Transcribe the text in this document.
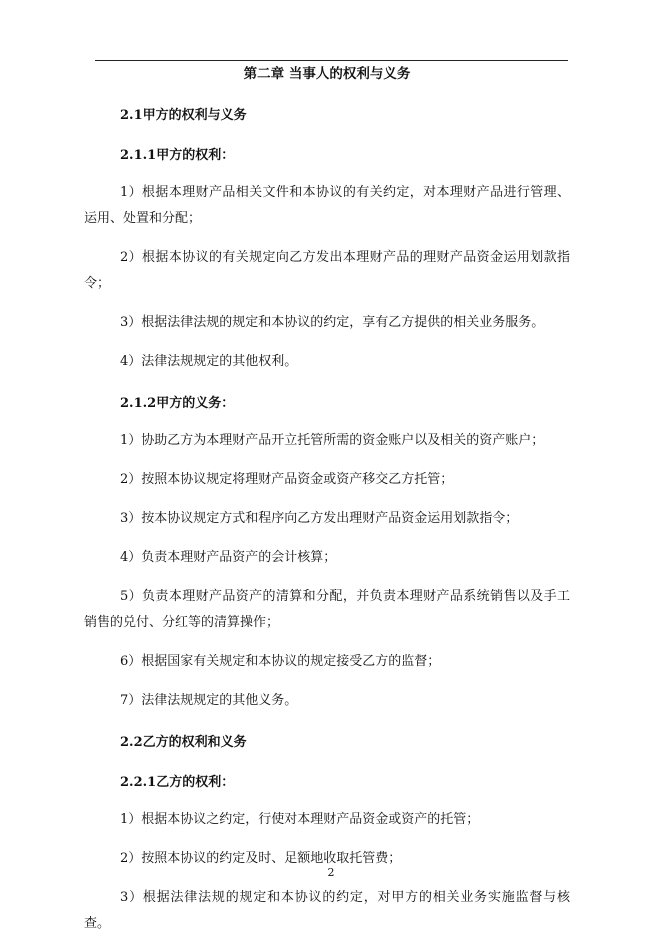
第二章 当事人的权利与义务

2.1甲方的权利与义务

2.1.1甲方的权利：

1）根据本理财产品相关文件和本协议的有关约定，对本理财产品进行管理、运用、处置和分配；

2）根据本协议的有关规定向乙方发出本理财产品的理财产品资金运用划款指令；

3）根据法律法规的规定和本协议的约定，享有乙方提供的相关业务服务。

4）法律法规规定的其他权利。

2.1.2甲方的义务：

1）协助乙方为本理财产品开立托管所需的资金账户以及相关的资产账户；

2）按照本协议规定将理财产品资金或资产移交乙方托管；

3）按本协议规定方式和程序向乙方发出理财产品资金运用划款指令；

4）负责本理财产品资产的会计核算；

5）负责本理财产品资产的清算和分配，并负责本理财产品系统销售以及手工销售的兑付、分红等的清算操作；

6）根据国家有关规定和本协议的规定接受乙方的监督；

7）法律法规规定的其他义务。

2.2乙方的权利和义务

2.2.1乙方的权利：

1）根据本协议之约定，行使对本理财产品资金或资产的托管；

2）按照本协议的约定及时、足额地收取托管费；

3）根据法律法规的规定和本协议的约定，对甲方的相关业务实施监督与核查。

2
